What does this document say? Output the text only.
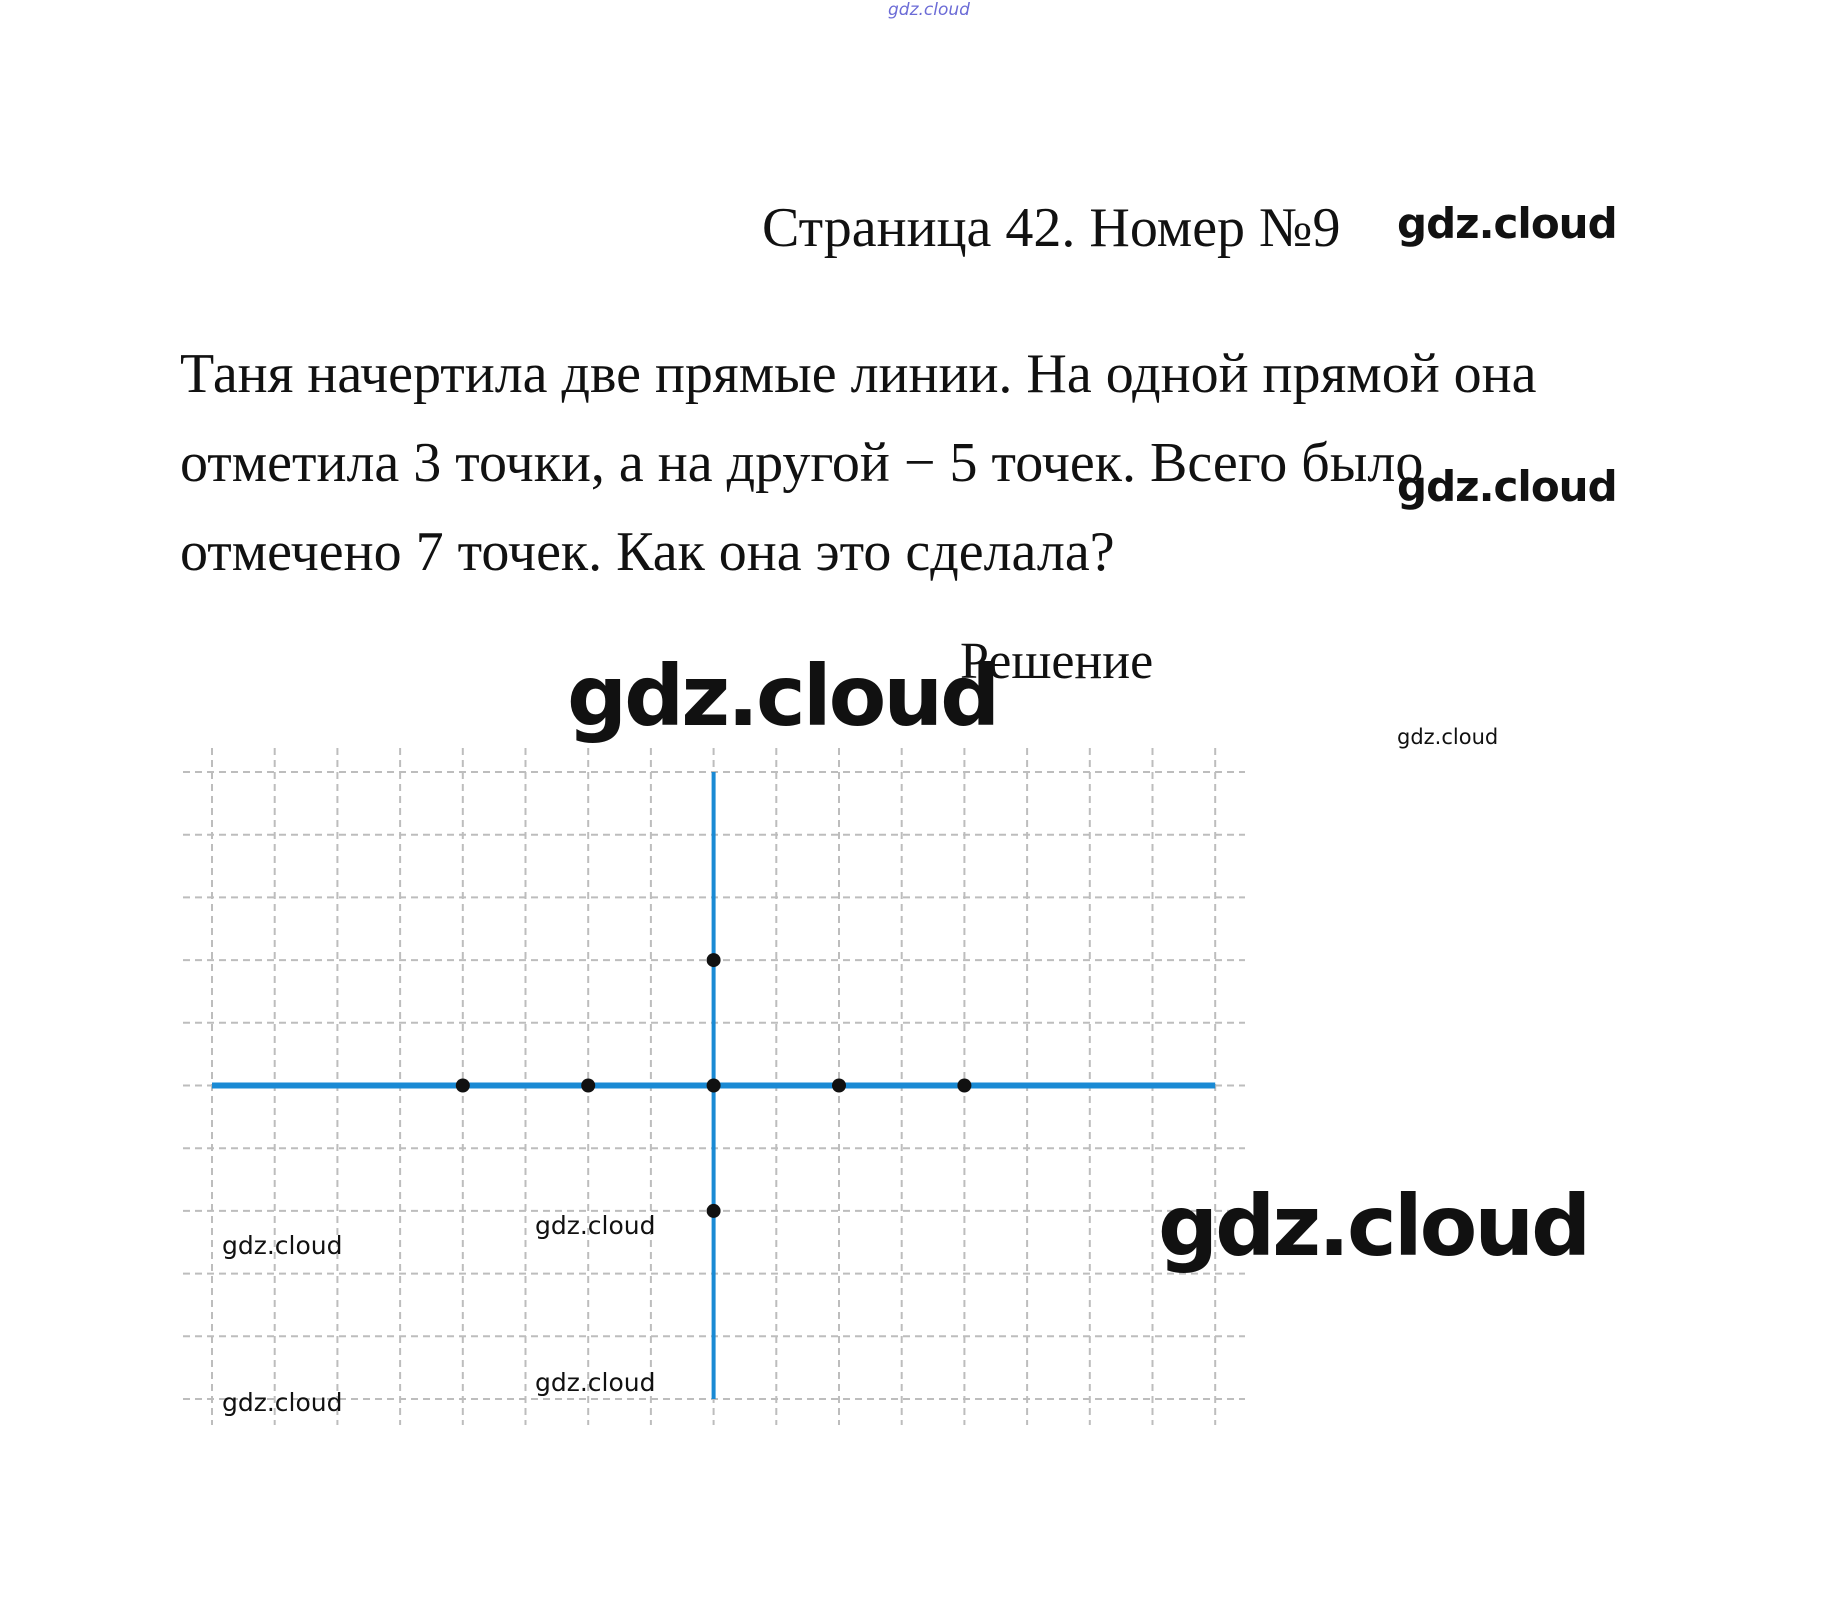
gdz.cloud
Страница 42. Номер №9 gdz.cloud
Таня начертила две прямые линии. На одной прямой она
отметила 3 точки, а на другой − 5 точек. Всего было
отмечено 7 точек. Как она это сделала?
gdz.cloud
gdz.cloud
Решение
gdz.cloud
gdz.cloud
gdz.cloud
gdz.cloud
gdz.cloud
gdz.cloud
